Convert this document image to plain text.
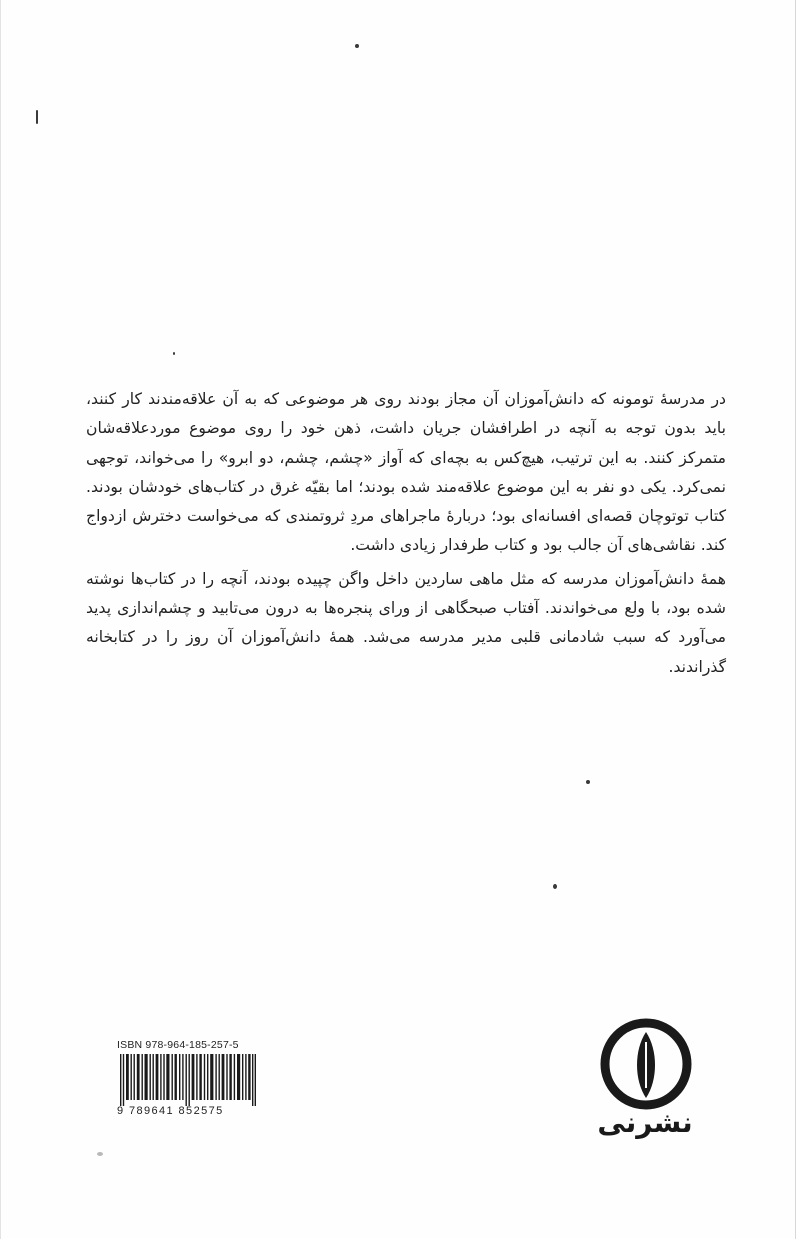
در مدرسهٔ تومونه که دانش‌آموزان آن مجاز بودند روی هر موضوعی که به آن علاقه‌مندند کار کنند، باید بدون توجه به آنچه در اطرافشان جریان داشت، ذهن خود را روی موضوع موردعلاقه‌شان متمرکز کنند. به این ترتیب، هیچ‌کس به بچه‌ای که آواز «چشم، چشم، دو ابرو» را می‌خواند، توجهی نمی‌کرد. یکی دو نفر به این موضوع علاقه‌مند شده بودند؛ اما بقیّه غرق در کتاب‌های خودشان بودند. کتاب توتوچان قصه‌ای افسانه‌ای بود؛ دربارهٔ ماجراهای مردِ ثروتمندی که می‌خواست دخترش ازدواج کند. نقاشی‌های آن جالب بود و کتاب طرفدار زیادی داشت.

همهٔ دانش‌آموزان مدرسه که مثل ماهی ساردین داخل واگن چپیده بودند، آنچه را در کتاب‌ها نوشته شده بود، با ولع می‌خواندند. آفتاب صبحگاهی از ورای پنجره‌ها به درون می‌تابید و چشم‌اندازی پدید می‌آورد که سبب شادمانی قلبی مدیر مدرسه می‌شد. همهٔ دانش‌آموزان آن روز را در کتابخانه گذراندند.

ISBN 978-964-185-257-5
9 789641 852575	نشرنی
